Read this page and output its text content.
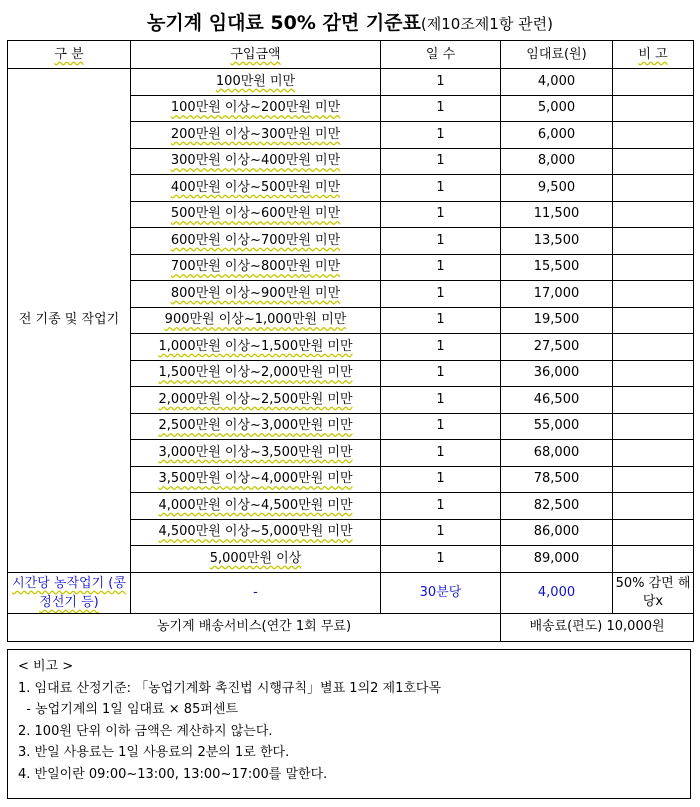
농기계 임대료 50% 감면 기준표(제10조제1항 관련)
구 분	구입금액	일 수	임대료(원)	비 고
전 기종 및 작업기	100만원 미만	1	4,000	
	100만원 이상~200만원 미만	1	5,000	
	200만원 이상~300만원 미만	1	6,000	
	300만원 이상~400만원 미만	1	8,000	
	400만원 이상~500만원 미만	1	9,500	
	500만원 이상~600만원 미만	1	11,500	
	600만원 이상~700만원 미만	1	13,500	
	700만원 이상~800만원 미만	1	15,500	
	800만원 이상~900만원 미만	1	17,000	
	900만원 이상~1,000만원 미만	1	19,500	
	1,000만원 이상~1,500만원 미만	1	27,500	
	1,500만원 이상~2,000만원 미만	1	36,000	
	2,000만원 이상~2,500만원 미만	1	46,500	
	2,500만원 이상~3,000만원 미만	1	55,000	
	3,000만원 이상~3,500만원 미만	1	68,000	
	3,500만원 이상~4,000만원 미만	1	78,500	
	4,000만원 이상~4,500만원 미만	1	82,500	
	4,500만원 이상~5,000만원 미만	1	86,000	
	5,000만원 이상	1	89,000	
시간당 농작업기 (콩정선기 등)	-	30분당	4,000	50% 감면 해당x
농기계 배송서비스(연간 1회 무료)			배송료(편도) 10,000원	
< 비고 >
1. 임대료 산정기준: 「농업기계화 촉진법 시행규칙」별표 1의2 제1호다목
- 농업기계의 1일 임대료 × 85퍼센트
2. 100원 단위 이하 금액은 계산하지 않는다.
3. 반일 사용료는 1일 사용료의 2분의 1로 한다.
4. 반일이란 09:00~13:00, 13:00~17:00를 말한다.
